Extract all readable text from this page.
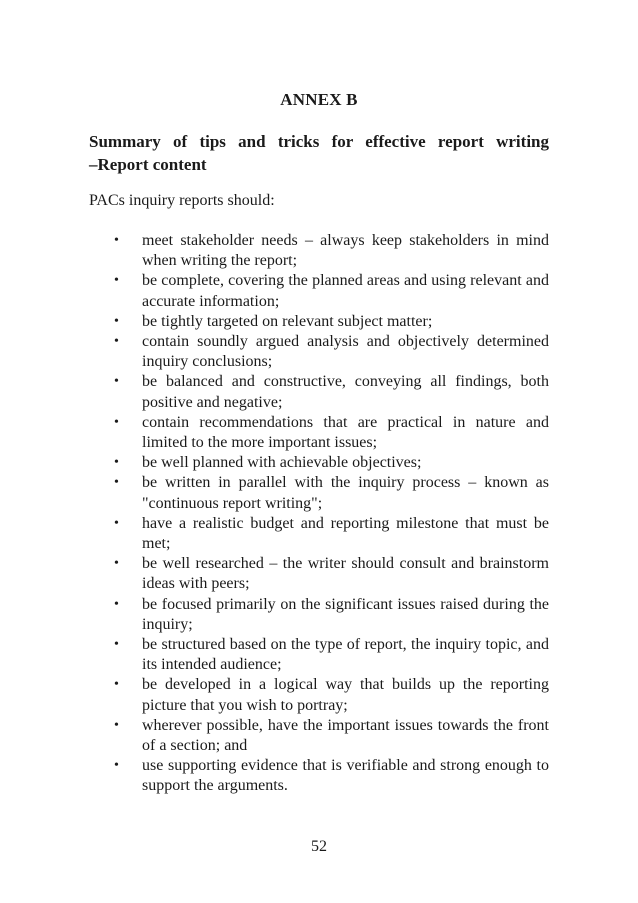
ANNEX B
Summary of tips and tricks for effective report writing
–Report content
PACs inquiry reports should:
• meet stakeholder needs – always keep stakeholders in mind when writing the report;
• be complete, covering the planned areas and using relevant and accurate information;
• be tightly targeted on relevant subject matter;
• contain soundly argued analysis and objectively determined inquiry conclusions;
• be balanced and constructive, conveying all findings, both positive and negative;
• contain recommendations that are practical in nature and limited to the more important issues;
• be well planned with achievable objectives;
• be written in parallel with the inquiry process – known as "continuous report writing";
• have a realistic budget and reporting milestone that must be met;
• be well researched – the writer should consult and brainstorm ideas with peers;
• be focused primarily on the significant issues raised during the inquiry;
• be structured based on the type of report, the inquiry topic, and its intended audience;
• be developed in a logical way that builds up the reporting picture that you wish to portray;
• wherever possible, have the important issues towards the front of a section; and
• use supporting evidence that is verifiable and strong enough to support the arguments.
52
